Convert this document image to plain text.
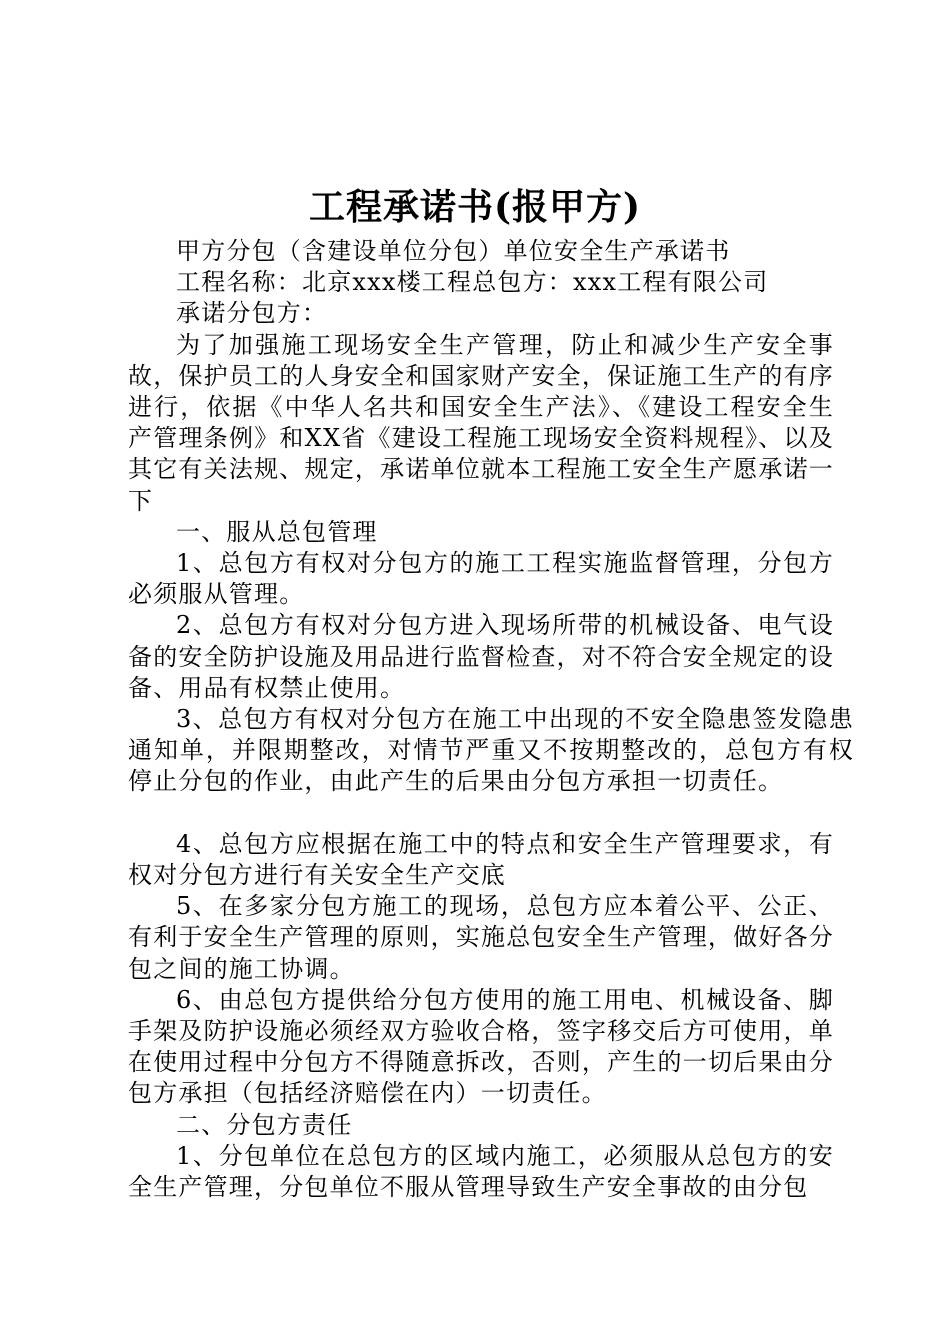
工程承诺书(报甲方)

甲方分包（含建设单位分包）单位安全生产承诺书

工程名称：北京xxx楼工程总包方：xxx工程有限公司

承诺分包方：

为了加强施工现场安全生产管理，防止和减少生产安全事故，保护员工的人身安全和国家财产安全，保证施工生产的有序进行，依据《中华人名共和国安全生产法》、《建设工程安全生产管理条例》和XX省《建设工程施工现场安全资料规程》、以及其它有关法规、规定，承诺单位就本工程施工安全生产愿承诺一下

一、服从总包管理

1、总包方有权对分包方的施工工程实施监督管理，分包方必须服从管理。

2、总包方有权对分包方进入现场所带的机械设备、电气设备的安全防护设施及用品进行监督检查，对不符合安全规定的设备、用品有权禁止使用。

3、总包方有权对分包方在施工中出现的不安全隐患签发隐患通知单，并限期整改，对情节严重又不按期整改的，总包方有权停止分包的作业，由此产生的后果由分包方承担一切责任。

4、总包方应根据在施工中的特点和安全生产管理要求，有权对分包方进行有关安全生产交底

5、在多家分包方施工的现场，总包方应本着公平、公正、有利于安全生产管理的原则，实施总包安全生产管理，做好各分包之间的施工协调。

6、由总包方提供给分包方使用的施工用电、机械设备、脚手架及防护设施必须经双方验收合格，签字移交后方可使用，单在使用过程中分包方不得随意拆改，否则，产生的一切后果由分包方承担（包括经济赔偿在内）一切责任。

二、分包方责任

1、分包单位在总包方的区域内施工，必须服从总包方的安全生产管理，分包单位不服从管理导致生产安全事故的由分包
